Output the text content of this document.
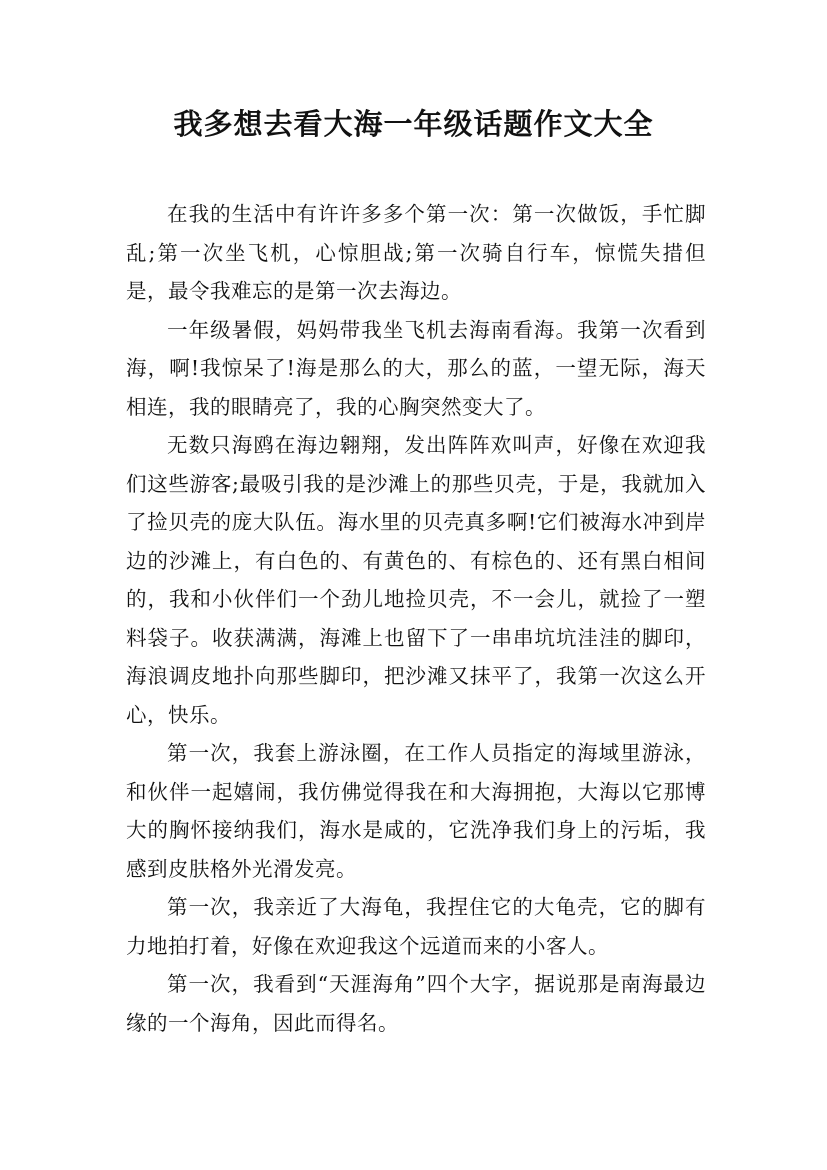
我多想去看大海一年级话题作文大全

在我的生活中有许许多多个第一次：第一次做饭，手忙脚乱;第一次坐飞机，心惊胆战;第一次骑自行车，惊慌失措但是，最令我难忘的是第一次去海边。

一年级暑假，妈妈带我坐飞机去海南看海。我第一次看到海，啊!我惊呆了!海是那么的大，那么的蓝，一望无际，海天相连，我的眼睛亮了，我的心胸突然变大了。

无数只海鸥在海边翱翔，发出阵阵欢叫声，好像在欢迎我们这些游客;最吸引我的是沙滩上的那些贝壳，于是，我就加入了捡贝壳的庞大队伍。海水里的贝壳真多啊!它们被海水冲到岸边的沙滩上，有白色的、有黄色的、有棕色的、还有黑白相间的，我和小伙伴们一个劲儿地捡贝壳，不一会儿，就捡了一塑料袋子。收获满满，海滩上也留下了一串串坑坑洼洼的脚印，海浪调皮地扑向那些脚印，把沙滩又抹平了，我第一次这么开心，快乐。

第一次，我套上游泳圈，在工作人员指定的海域里游泳，和伙伴一起嬉闹，我仿佛觉得我在和大海拥抱，大海以它那博大的胸怀接纳我们，海水是咸的，它洗净我们身上的污垢，我感到皮肤格外光滑发亮。

第一次，我亲近了大海龟，我捏住它的大龟壳，它的脚有力地拍打着，好像在欢迎我这个远道而来的小客人。

第一次，我看到“天涯海角”四个大字，据说那是南海最边缘的一个海角，因此而得名。
